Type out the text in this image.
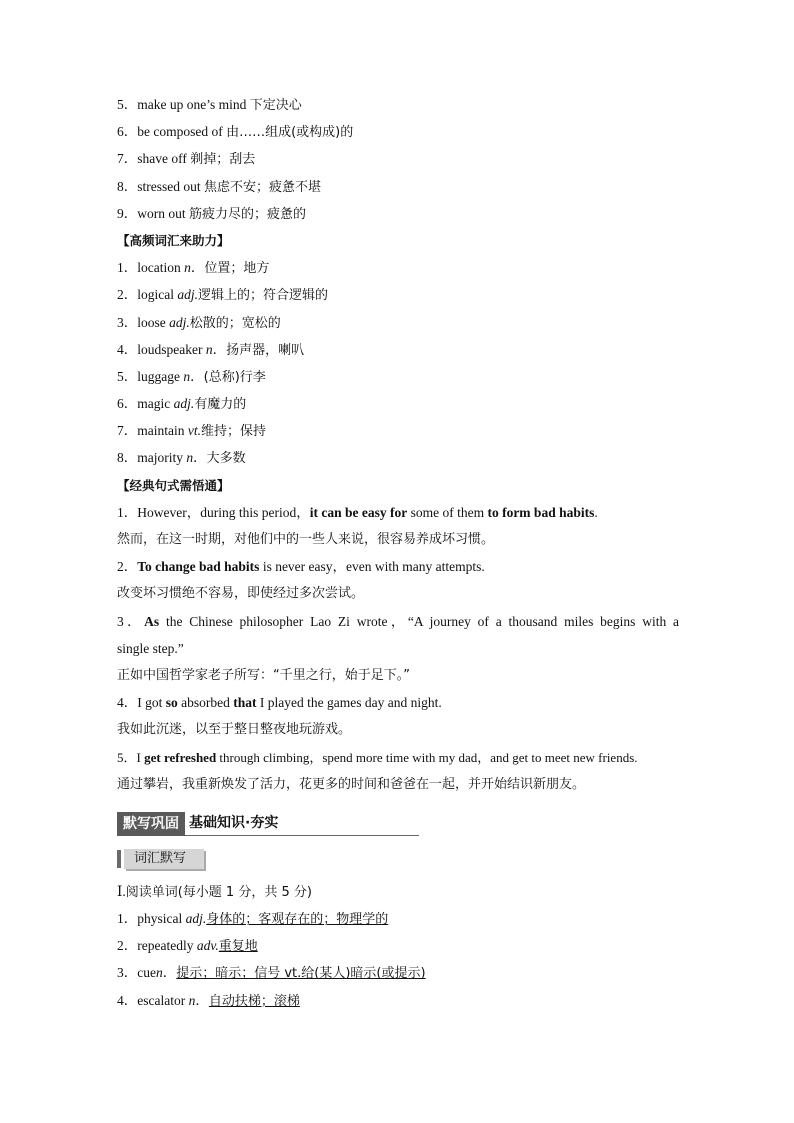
5．make up one’s mind 下定决心
6．be composed of 由……组成(或构成)的
7．shave off 剃掉；刮去
8．stressed out 焦虑不安；疲惫不堪
9．worn out 筋疲力尽的；疲惫的
【高频词汇来助力】
1．location n．位置；地方
2．logical adj.逻辑上的；符合逻辑的
3．loose adj.松散的；宽松的
4．loudspeaker n．扬声器，喇叭
5．luggage n．(总称)行李
6．magic adj.有魔力的
7．maintain vt.维持；保持
8．majority n．大多数
【经典句式需悟通】
1．However，during this period，it can be easy for some of them to form bad habits.
然而，在这一时期，对他们中的一些人来说，很容易养成坏习惯。
2．To change bad habits is never easy，even with many attempts.
改变坏习惯绝不容易，即使经过多次尝试。
3．As the Chinese philosopher Lao Zi wrote，“A journey of a thousand miles begins with a
single step.”
正如中国哲学家老子所写：“千里之行，始于足下。”
4．I got so absorbed that I played the games day and night.
我如此沉迷，以至于整日整夜地玩游戏。
5．I get refreshed through climbing，spend more time with my dad，and get to meet new friends.
通过攀岩，我重新焕发了活力，花更多的时间和爸爸在一起，并开始结识新朋友。
默写巩固 基础知识·夯实
词汇默写
Ⅰ.阅读单词(每小题 1 分，共 5 分)
1．physical adj.身体的；客观存在的；物理学的
2．repeatedly adv.重复地
3．cuen．提示；暗示；信号 vt.给(某人)暗示(或提示)
4．escalator n．自动扶梯；滚梯
